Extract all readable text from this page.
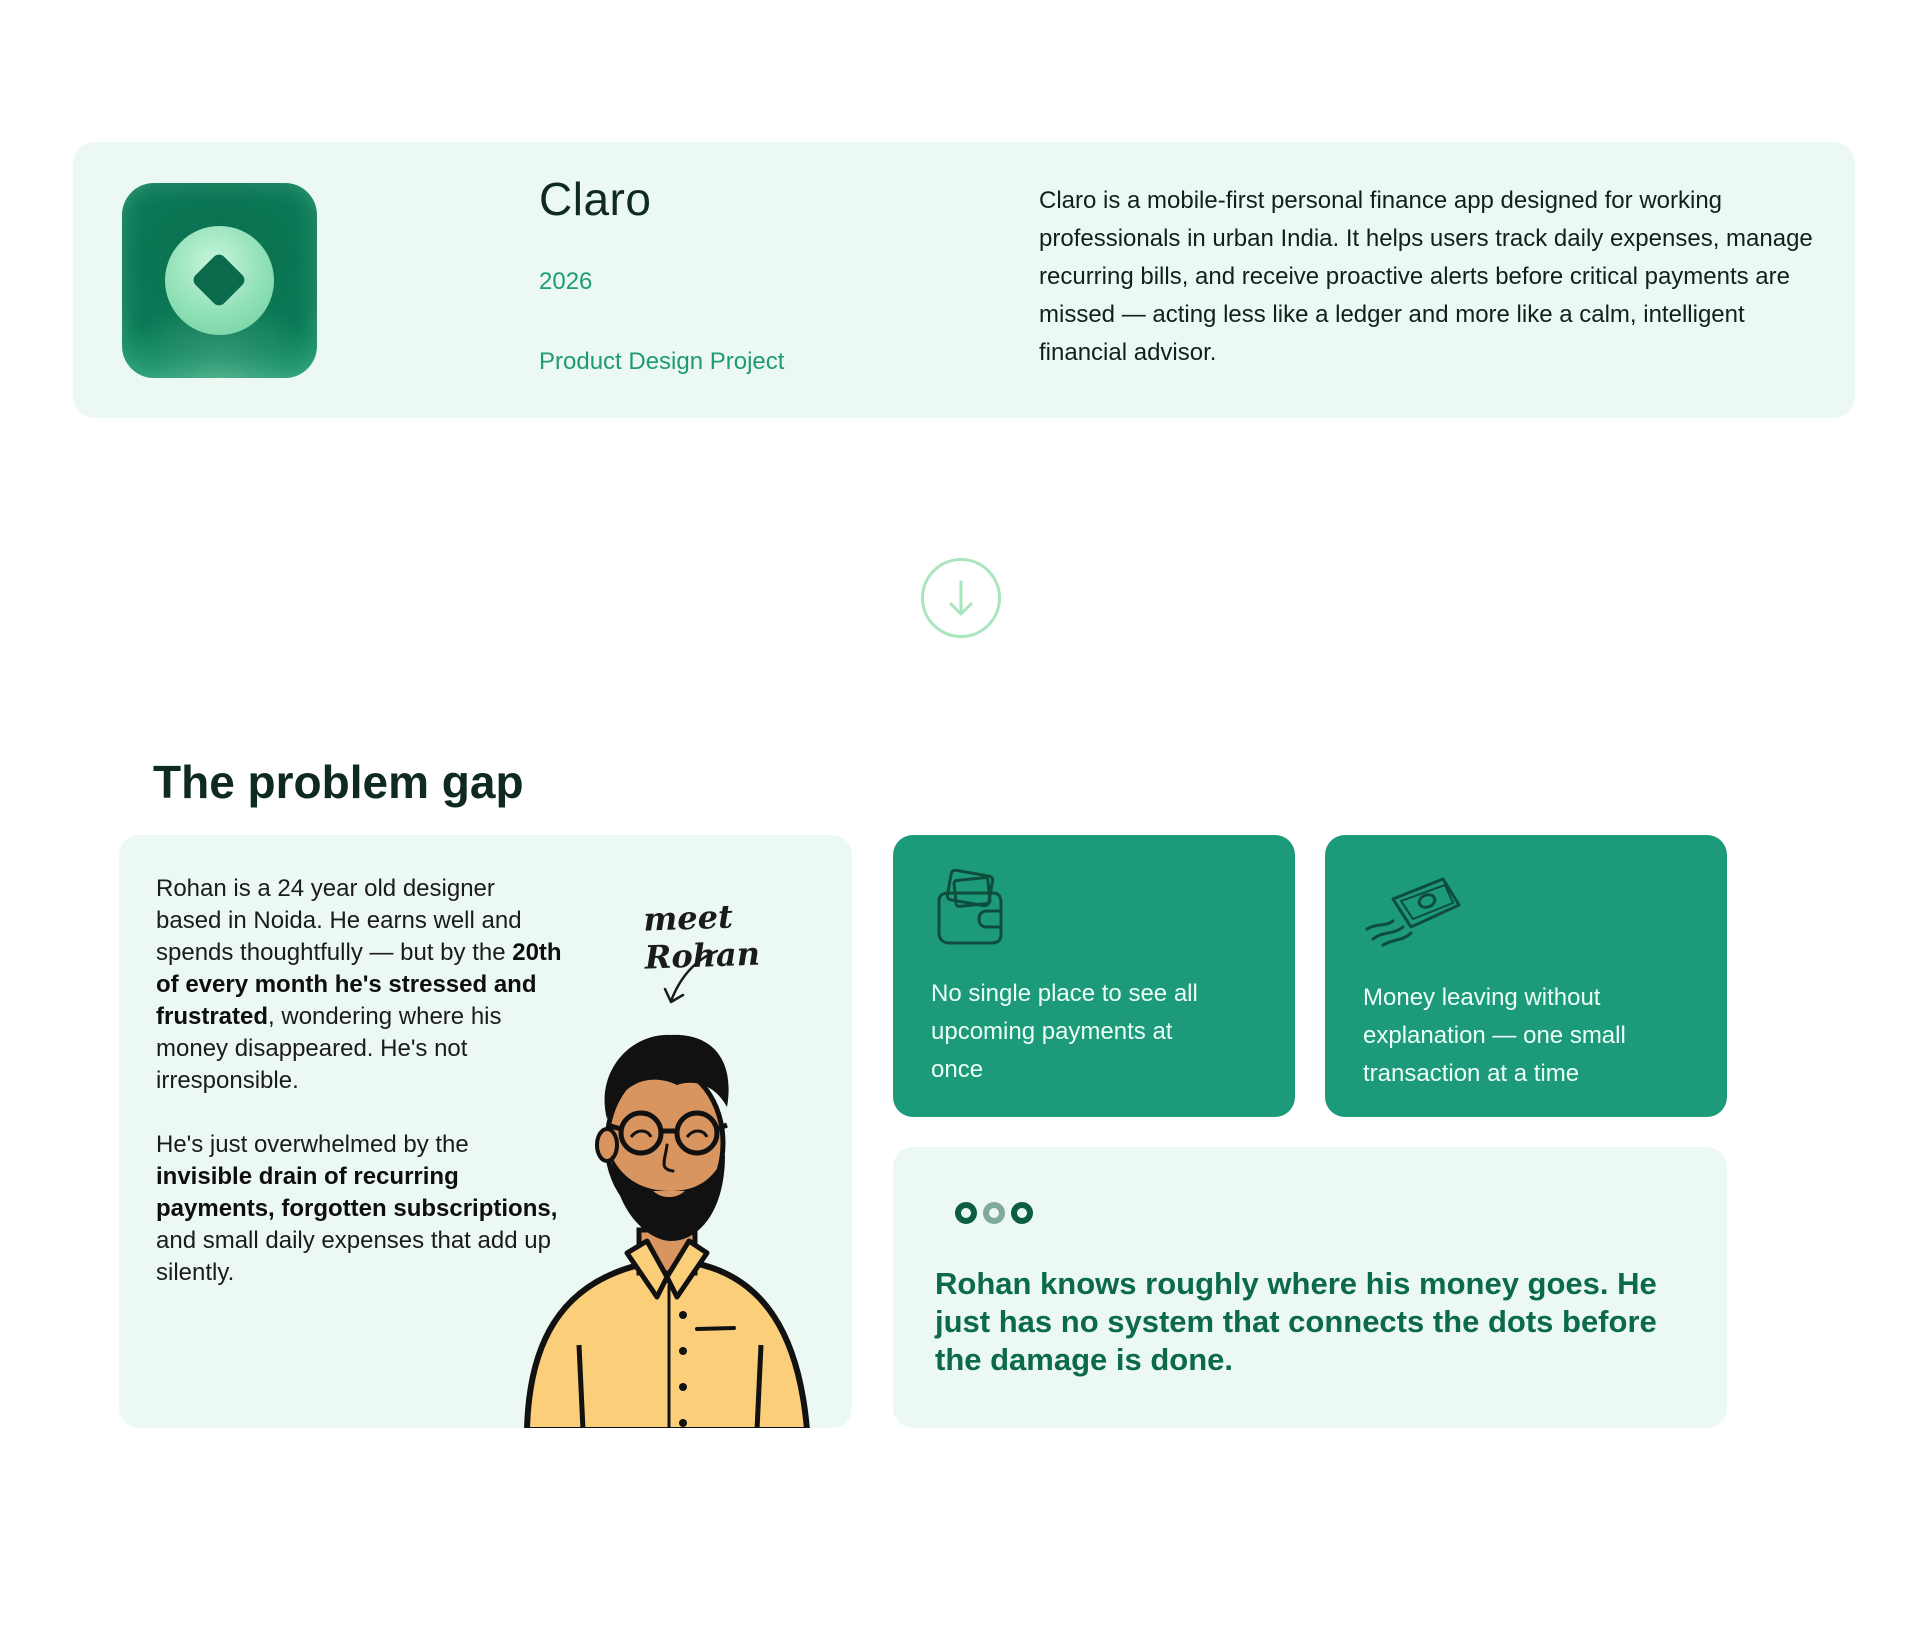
Claro
2026
Product Design Project
Claro is a mobile-first personal finance app designed for working professionals in urban India. It helps users track daily expenses, manage recurring bills, and receive proactive alerts before critical payments are missed — acting less like a ledger and more like a calm, intelligent financial advisor.
The problem gap

Rohan is a 24 year old designer based in Noida. He earns well and spends thoughtfully — but by the 20th of every month he's stressed and frustrated, wondering where his money disappeared. He's not irresponsible.

He's just overwhelmed by the invisible drain of recurring payments, forgotten subscriptions, and small daily expenses that add up silently.

meet Rohan
No single place to see all upcoming payments at once
Money leaving without explanation — one small transaction at a time
Rohan knows roughly where his money goes. He just has no system that connects the dots before the damage is done.
